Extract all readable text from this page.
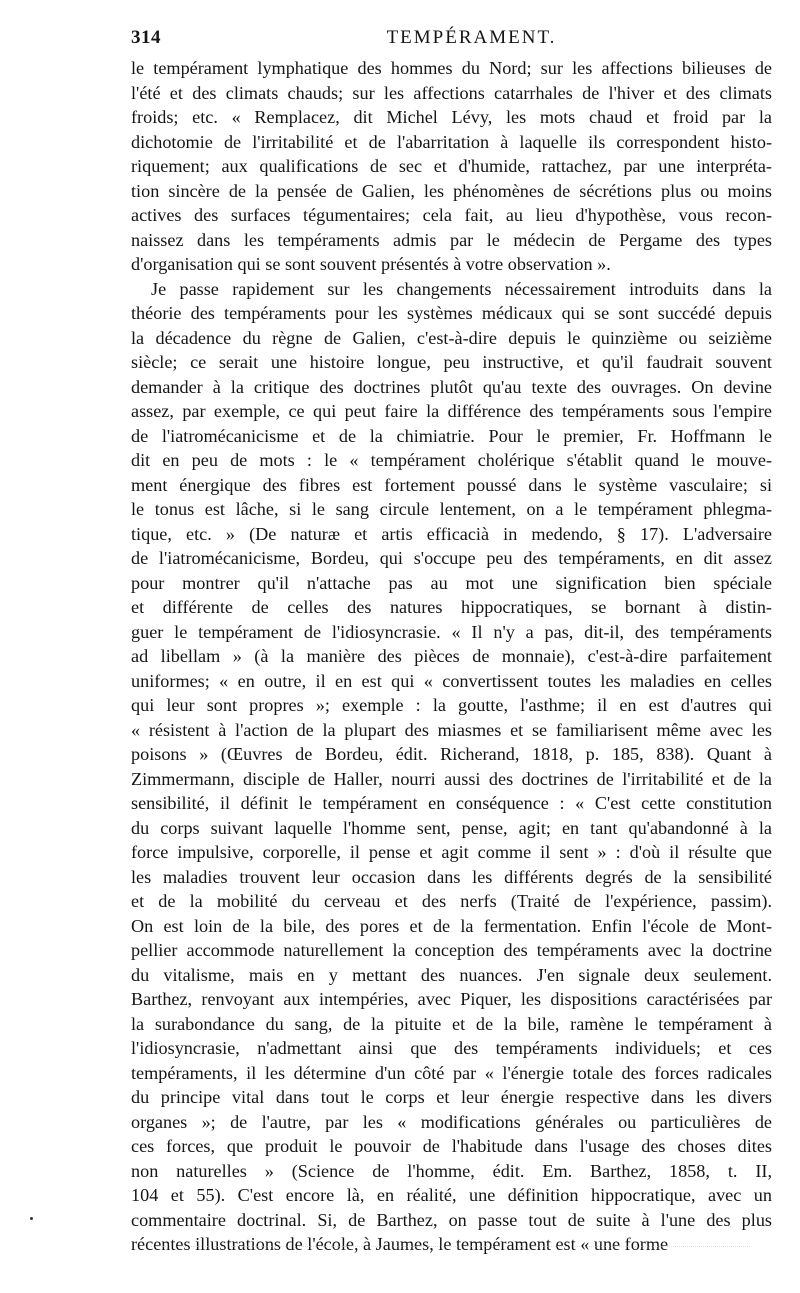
314	TEMPÉRAMENT.
le tempérament lymphatique des hommes du Nord; sur les affections bilieuses de
l'été et des climats chauds; sur les affections catarrhales de l'hiver et des climats
froids; etc. « Remplacez, dit Michel Lévy, les mots chaud et froid par la
dichotomie de l'irritabilité et de l'abarritation à laquelle ils correspondent histo-
riquement; aux qualifications de sec et d'humide, rattachez, par une interpréta-
tion sincère de la pensée de Galien, les phénomènes de sécrétions plus ou moins
actives des surfaces tégumentaires; cela fait, au lieu d'hypothèse, vous recon-
naissez dans les tempéraments admis par le médecin de Pergame des types
d'organisation qui se sont souvent présentés à votre observation ».
Je passe rapidement sur les changements nécessairement introduits dans la
théorie des tempéraments pour les systèmes médicaux qui se sont succédé depuis
la décadence du règne de Galien, c'est-à-dire depuis le quinzième ou seizième
siècle; ce serait une histoire longue, peu instructive, et qu'il faudrait souvent
demander à la critique des doctrines plutôt qu'au texte des ouvrages. On devine
assez, par exemple, ce qui peut faire la différence des tempéraments sous l'empire
de l'iatromécanicisme et de la chimiatrie. Pour le premier, Fr. Hoffmann le
dit en peu de mots : le « tempérament cholérique s'établit quand le mouve-
ment énergique des fibres est fortement poussé dans le système vasculaire; si
le tonus est lâche, si le sang circule lentement, on a le tempérament phlegma-
tique, etc. » (De naturæ et artis efficacià in medendo, § 17). L'adversaire
de l'iatromécanicisme, Bordeu, qui s'occupe peu des tempéraments, en dit assez
pour montrer qu'il n'attache pas au mot une signification bien spéciale
et différente de celles des natures hippocratiques, se bornant à distin-
guer le tempérament de l'idiosyncrasie. « Il n'y a pas, dit-il, des tempéraments
ad libellam » (à la manière des pièces de monnaie), c'est-à-dire parfaitement
uniformes; « en outre, il en est qui « convertissent toutes les maladies en celles
qui leur sont propres »; exemple : la goutte, l'asthme; il en est d'autres qui
« résistent à l'action de la plupart des miasmes et se familiarisent même avec les
poisons » (Œuvres de Bordeu, édit. Richerand, 1818, p. 185, 838). Quant à
Zimmermann, disciple de Haller, nourri aussi des doctrines de l'irritabilité et de la
sensibilité, il définit le tempérament en conséquence : « C'est cette constitution
du corps suivant laquelle l'homme sent, pense, agit; en tant qu'abandonné à la
force impulsive, corporelle, il pense et agit comme il sent » : d'où il résulte que
les maladies trouvent leur occasion dans les différents degrés de la sensibilité
et de la mobilité du cerveau et des nerfs (Traité de l'expérience, passim).
On est loin de la bile, des pores et de la fermentation. Enfin l'école de Mont-
pellier accommode naturellement la conception des tempéraments avec la doctrine
du vitalisme, mais en y mettant des nuances. J'en signale deux seulement.
Barthez, renvoyant aux intempéries, avec Piquer, les dispositions caractérisées par
la surabondance du sang, de la pituite et de la bile, ramène le tempérament à
l'idiosyncrasie, n'admettant ainsi que des tempéraments individuels; et ces
tempéraments, il les détermine d'un côté par « l'énergie totale des forces radicales
du principe vital dans tout le corps et leur énergie respective dans les divers
organes »; de l'autre, par les « modifications générales ou particulières de
ces forces, que produit le pouvoir de l'habitude dans l'usage des choses dites
non naturelles » (Science de l'homme, édit. Em. Barthez, 1858, t. II,
104 et 55). C'est encore là, en réalité, une définition hippocratique, avec un
commentaire doctrinal. Si, de Barthez, on passe tout de suite à l'une des plus
récentes illustrations de l'école, à Jaumes, le tempérament est « une forme
